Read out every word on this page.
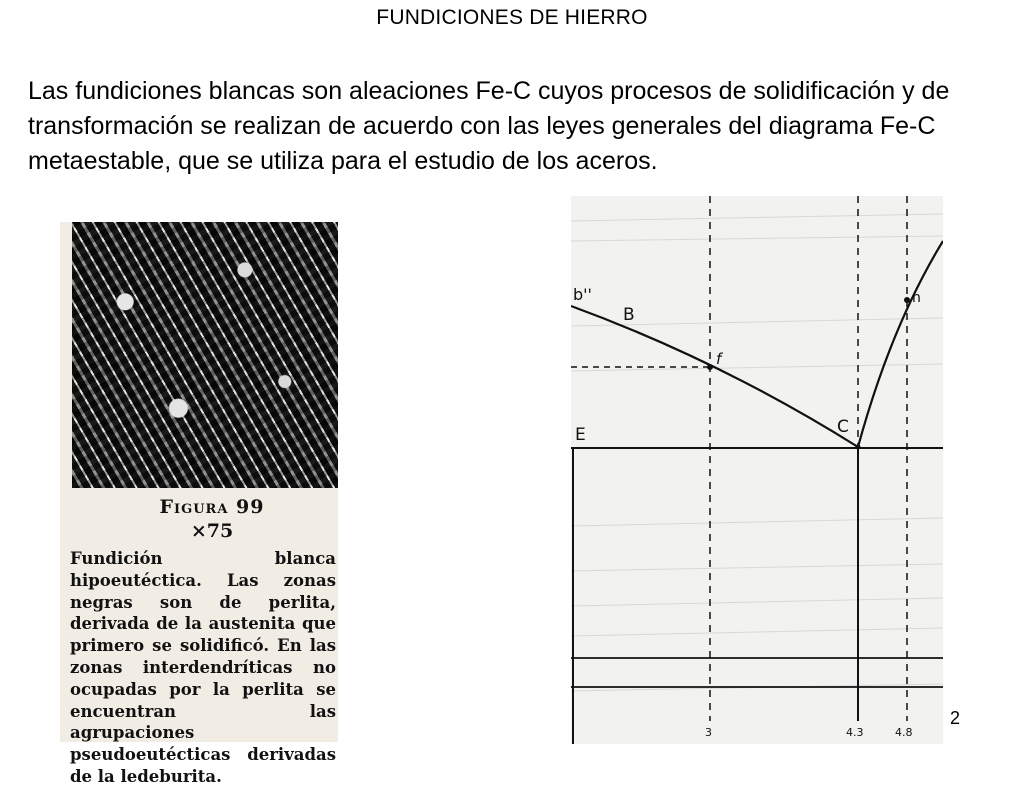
FUNDICIONES DE HIERRO
Las fundiciones blancas son aleaciones Fe-C cuyos procesos de solidificación y de transformación se realizan de acuerdo con las leyes generales del diagrama Fe-C metaestable, que se utiliza para el estudio de los aceros.
Figura 99
×75
Fundición blanca hipoeutéctica. Las zonas negras son de perlita, derivada de la austenita que primero se solidificó. En las zonas interdendríticas no ocupadas por la perlita se encuentran las agrupaciones pseudoeutécticas derivadas de la ledeburita.
b''
B
f
n
C
E
3	4.3	4.8
2
